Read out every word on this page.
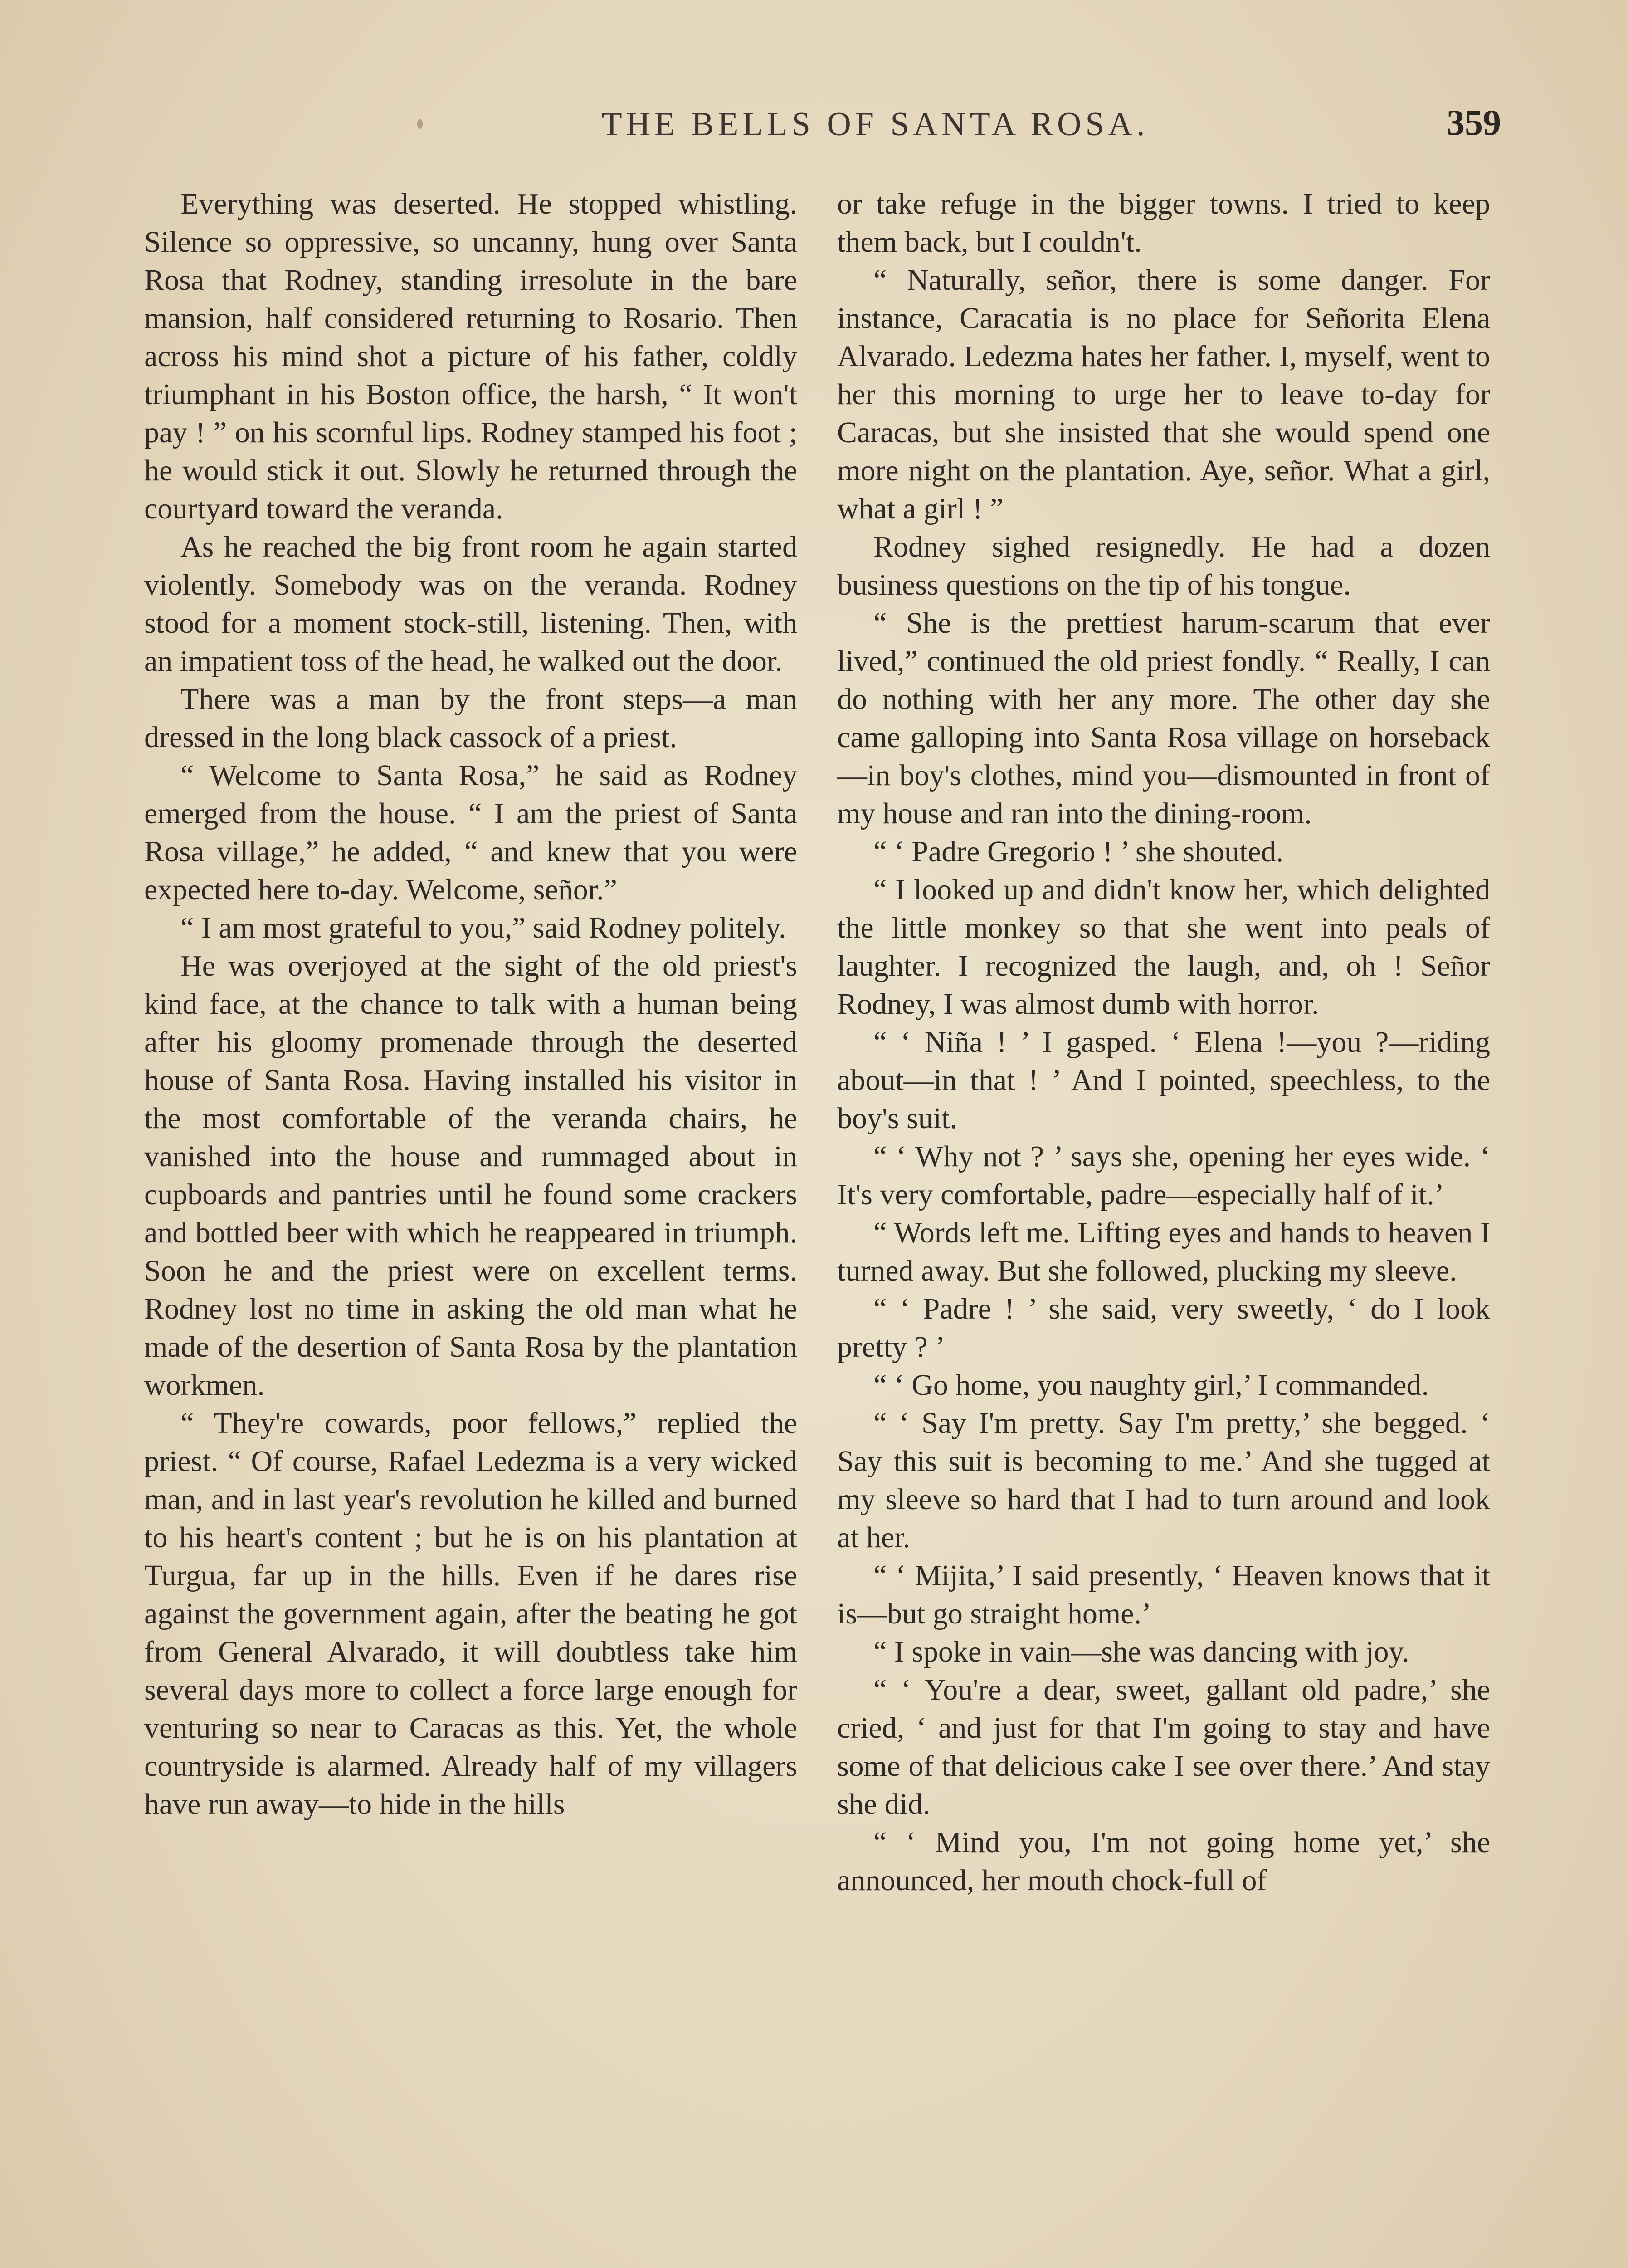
THE BELLS OF SANTA ROSA.	359

Everything was deserted. He stopped whistling. Silence so oppressive, so uncanny, hung over Santa Rosa that Rodney, standing irresolute in the bare mansion, half considered returning to Rosario. Then across his mind shot a picture of his father, coldly triumphant in his Boston office, the harsh, “ It won't pay ! ” on his scornful lips. Rodney stamped his foot ; he would stick it out. Slowly he returned through the courtyard toward the veranda.

As he reached the big front room he again started violently. Somebody was on the veranda. Rodney stood for a moment stock-still, listening. Then, with an impatient toss of the head, he walked out the door.

There was a man by the front steps—a man dressed in the long black cassock of a priest.

“ Welcome to Santa Rosa,” he said as Rodney emerged from the house. “ I am the priest of Santa Rosa village,” he added, “ and knew that you were expected here to-day. Welcome, señor.”

“ I am most grateful to you,” said Rodney politely.

He was overjoyed at the sight of the old priest's kind face, at the chance to talk with a human being after his gloomy promenade through the deserted house of Santa Rosa. Having installed his visitor in the most comfortable of the veranda chairs, he vanished into the house and rummaged about in cupboards and pantries until he found some crackers and bottled beer with which he reappeared in triumph. Soon he and the priest were on excellent terms. Rodney lost no time in asking the old man what he made of the desertion of Santa Rosa by the plantation workmen.

“ They're cowards, poor fellows,” replied the priest. “ Of course, Rafael Ledezma is a very wicked man, and in last year's revolution he killed and burned to his heart's content ; but he is on his plantation at Turgua, far up in the hills. Even if he dares rise against the government again, after the beating he got from General Alvarado, it will doubtless take him several days more to collect a force large enough for venturing so near to Caracas as this. Yet, the whole countryside is alarmed. Already half of my villagers have run away—to hide in the hills

or take refuge in the bigger towns. I tried to keep them back, but I couldn't.

“ Naturally, señor, there is some danger. For instance, Caracatia is no place for Señorita Elena Alvarado. Ledezma hates her father. I, myself, went to her this morning to urge her to leave to-day for Caracas, but she insisted that she would spend one more night on the plantation. Aye, señor. What a girl, what a girl ! ”

Rodney sighed resignedly. He had a dozen business questions on the tip of his tongue.

“ She is the prettiest harum-scarum that ever lived,” continued the old priest fondly. “ Really, I can do nothing with her any more. The other day she came galloping into Santa Rosa village on horseback—in boy's clothes, mind you—dismounted in front of my house and ran into the dining-room.

“ ‘ Padre Gregorio ! ’ she shouted.

“ I looked up and didn't know her, which delighted the little monkey so that she went into peals of laughter. I recognized the laugh, and, oh ! Señor Rodney, I was almost dumb with horror.

“ ‘ Niña ! ’ I gasped. ‘ Elena !—you ?—riding about—in that ! ’ And I pointed, speechless, to the boy's suit.

“ ‘ Why not ? ’ says she, opening her eyes wide. ‘ It's very comfortable, padre—especially half of it.’

“ Words left me. Lifting eyes and hands to heaven I turned away. But she followed, plucking my sleeve.

“ ‘ Padre ! ’ she said, very sweetly, ‘ do I look pretty ? ’

“ ‘ Go home, you naughty girl,’ I commanded.

“ ‘ Say I'm pretty. Say I'm pretty,’ she begged. ‘ Say this suit is becoming to me.’ And she tugged at my sleeve so hard that I had to turn around and look at her.

“ ‘ Mijita,’ I said presently, ‘ Heaven knows that it is—but go straight home.’

“ I spoke in vain—she was dancing with joy.

“ ‘ You're a dear, sweet, gallant old padre,’ she cried, ‘ and just for that I'm going to stay and have some of that delicious cake I see over there.’ And stay she did.

“ ‘ Mind you, I'm not going home yet,’ she announced, her mouth chock-full of
